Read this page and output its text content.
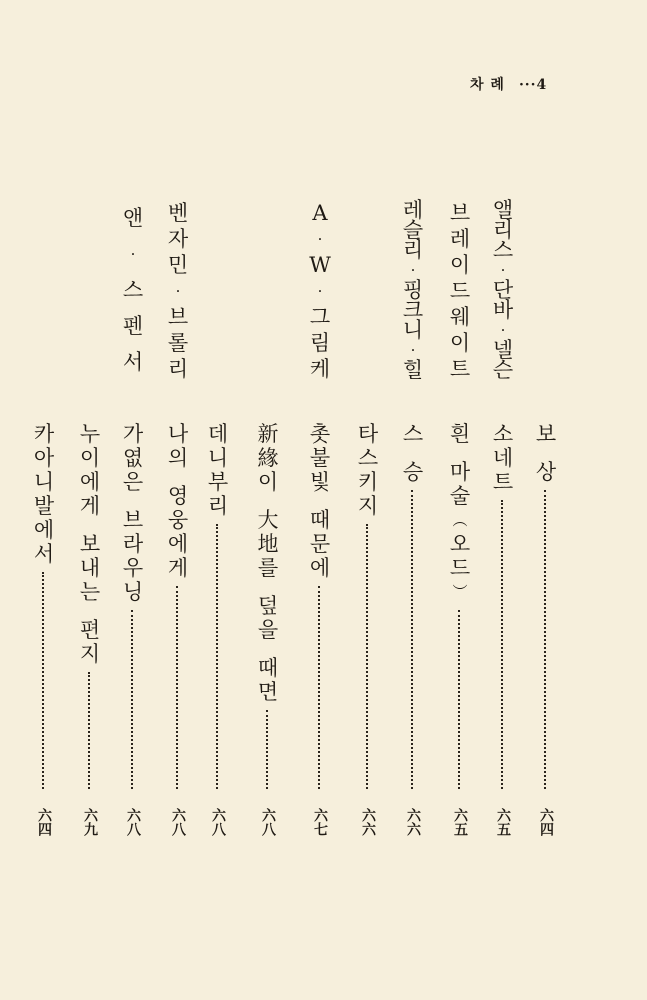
차 례 ···4
보
상
六四
소
네
트
六五
흰
마
술
︵
오
드
︶
六五
스
승
六六
타
스
키
지
六六
촛
불
빛
때
문
에
六七
新
緣
이
大
地
를
덮
을
때
면
六八
데
니
부
리
六八
나
의
영
웅
에
게
六八
가
엾
은
브
라
우
닝
六八
누
이
에
게
보
내
는
편
지
六九
카
아
니
발
에
서
六四
앨
리
스
·
단
바
·
넬
슨
브
레
이
드
웨
이
트
레
슬
리
·
핑
크
니
·
힐
A
·
W
·
그
림
케
벤
자
민
·
브
롤
리
앤
·
스
펜
서
